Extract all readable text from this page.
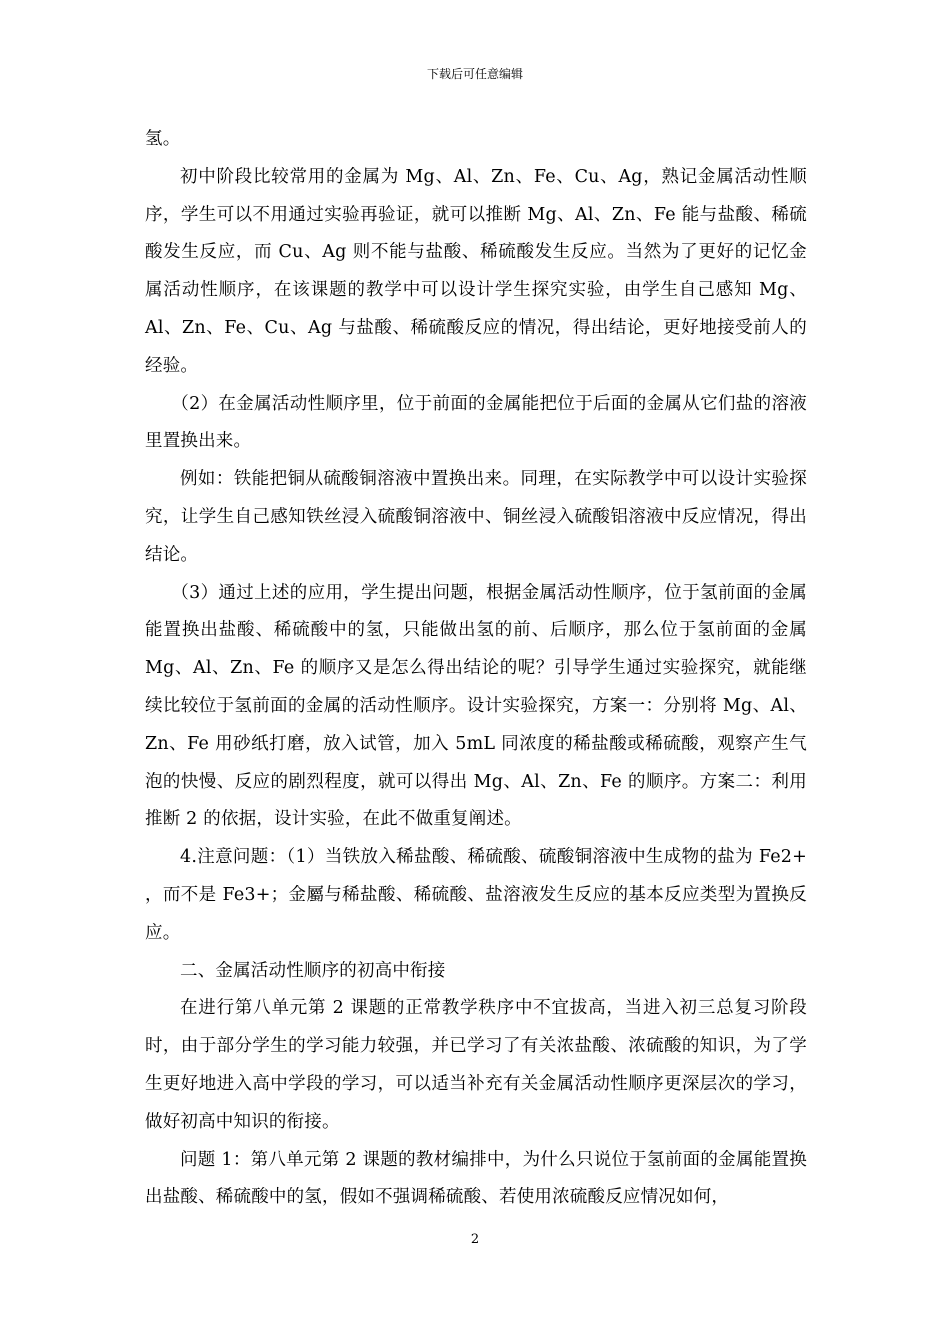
下载后可任意编辑

氢。

初中阶段比较常用的金属为 Mg、Al、Zn、Fe、Cu、Ag，熟记金属活动性顺序，学生可以不用通过实验再验证，就可以推断 Mg、Al、Zn、Fe 能与盐酸、稀硫酸发生反应，而 Cu、Ag 则不能与盐酸、稀硫酸发生反应。当然为了更好的记忆金属活动性顺序，在该课题的教学中可以设计学生探究实验，由学生自己感知 Mg、Al、Zn、Fe、Cu、Ag 与盐酸、稀硫酸反应的情况，得出结论，更好地接受前人的经验。

（2）在金属活动性顺序里，位于前面的金属能把位于后面的金属从它们盐的溶液里置换出来。

例如：铁能把铜从硫酸铜溶液中置换出来。同理，在实际教学中可以设计实验探究，让学生自己感知铁丝浸入硫酸铜溶液中、铜丝浸入硫酸铝溶液中反应情况，得出结论。

（3）通过上述的应用，学生提出问题，根据金属活动性顺序，位于氢前面的金属能置换出盐酸、稀硫酸中的氢，只能做出氢的前、后顺序，那么位于氢前面的金属 Mg、Al、Zn、Fe 的顺序又是怎么得出结论的呢？引导学生通过实验探究，就能继续比较位于氢前面的金属的活动性顺序。设计实验探究，方案一：分别将 Mg、Al、Zn、Fe 用砂纸打磨，放入试管，加入 5mL 同浓度的稀盐酸或稀硫酸，观察产生气泡的快慢、反应的剧烈程度，就可以得出 Mg、Al、Zn、Fe 的顺序。方案二：利用推断 2 的依据，设计实验，在此不做重复阐述。

4.注意问题：（1）当铁放入稀盐酸、稀硫酸、硫酸铜溶液中生成物的盐为 Fe2+ ，而不是 Fe3+；金屬与稀盐酸、稀硫酸、盐溶液发生反应的基本反应类型为置换反应。

二、金属活动性顺序的初高中衔接

在进行第八单元第 2 课题的正常教学秩序中不宜拔高，当进入初三总复习阶段时，由于部分学生的学习能力较强，并已学习了有关浓盐酸、浓硫酸的知识，为了学生更好地进入高中学段的学习，可以适当补充有关金属活动性顺序更深层次的学习，做好初高中知识的衔接。

问题 1：第八单元第 2 课题的教材编排中，为什么只说位于氢前面的金属能置换出盐酸、稀硫酸中的氢，假如不强调稀硫酸、若使用浓硫酸反应情况如何，

2
